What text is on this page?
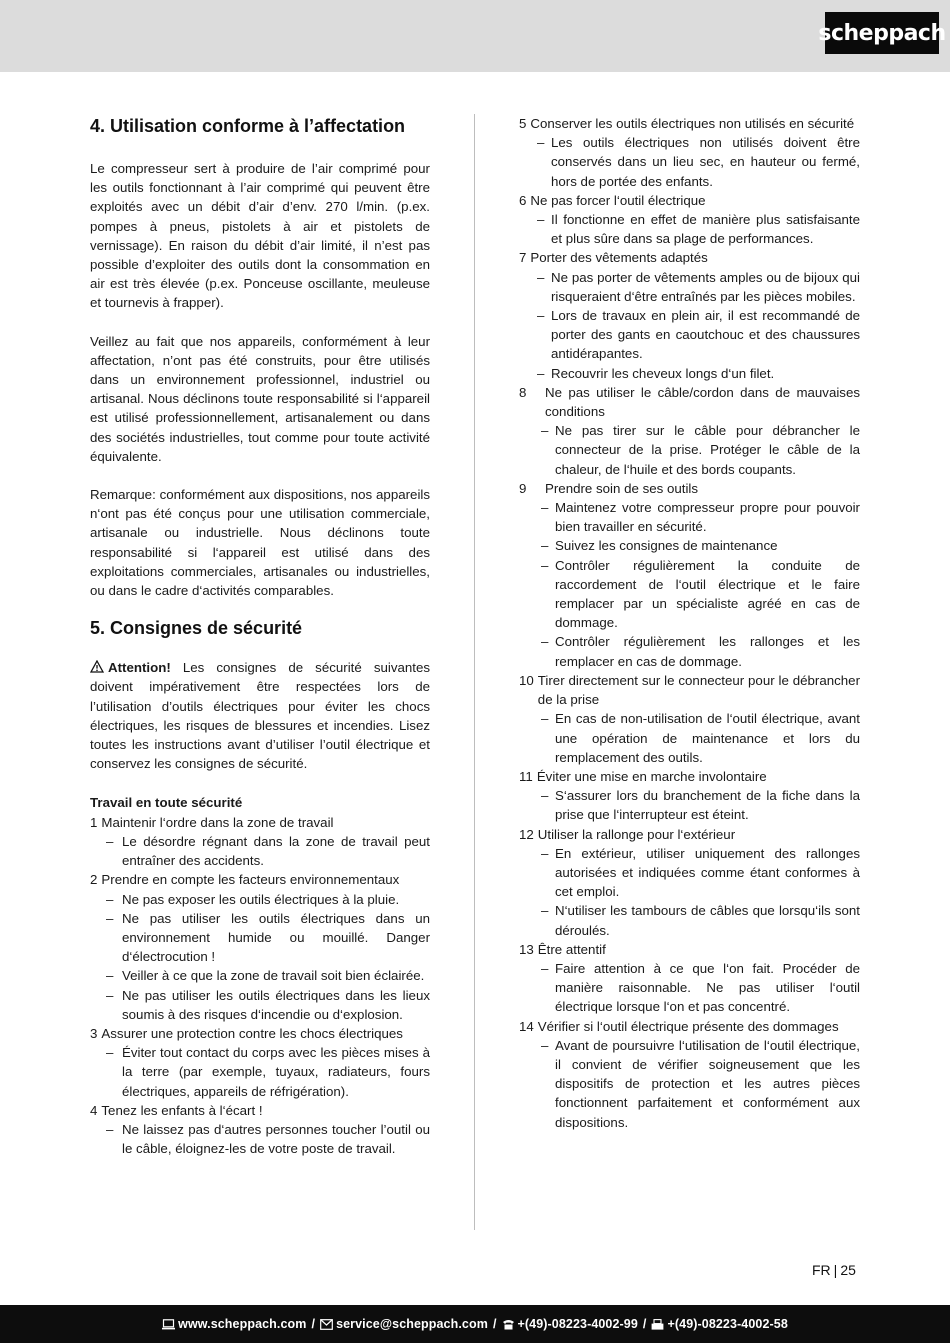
scheppach
4. Utilisation conforme à l’affectation

Le compresseur sert à produire de l’air comprimé pour les outils fonctionnant à l’air comprimé qui peuvent être exploités avec un débit d’air d’env. 270 l/min. (p.ex. pompes à pneus, pistolets à air et pistolets de vernissage). En raison du débit d’air limité, il n’est pas possible d’exploiter des outils dont la consommation en air est très élevée (p.ex. Ponceuse oscillante, meuleuse et tournevis à frapper).

Veillez au fait que nos appareils, conformément à leur affectation, n’ont pas été construits, pour être utilisés dans un environnement professionnel, industriel ou artisanal. Nous déclinons toute responsabilité si l‘appareil est utilisé professionnellement, artisanalement ou dans des sociétés industrielles, tout comme pour toute activité équivalente.

Remarque: conformément aux dispositions, nos appareils n‘ont pas été conçus pour une utilisation commerciale, artisanale ou industrielle. Nous déclinons toute responsabilité si l‘appareil est utilisé dans des exploitations commerciales, artisanales ou industrielles, ou dans le cadre d‘activités comparables.

5. Consignes de sécurité

Attention! Les consignes de sécurité suivantes doivent impérativement être respectées lors de l’utilisation d’outils électriques pour éviter les chocs électriques, les risques de blessures et incendies. Lisez toutes les instructions avant d’utiliser l’outil électrique et conservez les consignes de sécurité.

Travail en toute sécurité
1 Maintenir l‘ordre dans la zone de travail
– Le désordre régnant dans la zone de travail peut entraîner des accidents.
2 Prendre en compte les facteurs environnementaux
– Ne pas exposer les outils électriques à la pluie.
– Ne pas utiliser les outils électriques dans un environnement humide ou mouillé. Danger d‘électrocution !
– Veiller à ce que la zone de travail soit bien éclairée.
– Ne pas utiliser les outils électriques dans les lieux soumis à des risques d‘incendie ou d‘explosion.
3 Assurer une protection contre les chocs électriques
– Éviter tout contact du corps avec les pièces mises à la terre (par exemple, tuyaux, radiateurs, fours électriques, appareils de réfrigération).
4 Tenez les enfants à l‘écart !
– Ne laissez pas d‘autres personnes toucher l’outil ou le câble, éloignez-les de votre poste de travail.
5 Conserver les outils électriques non utilisés en sécurité
– Les outils électriques non utilisés doivent être conservés dans un lieu sec, en hauteur ou fermé, hors de portée des enfants.
6 Ne pas forcer l‘outil électrique
– Il fonctionne en effet de manière plus satisfaisante et plus sûre dans sa plage de performances.
7 Porter des vêtements adaptés
– Ne pas porter de vêtements amples ou de bijoux qui risqueraient d‘être entraînés par les pièces mobiles.
– Lors de travaux en plein air, il est recommandé de porter des gants en caoutchouc et des chaussures antidérapantes.
– Recouvrir les cheveux longs d‘un filet.
8	Ne pas utiliser le câble/cordon dans de mauvaises conditions
– Ne pas tirer sur le câble pour débrancher le connecteur de la prise. Protéger le câble de la chaleur, de l‘huile et des bords coupants.
9	Prendre soin de ses outils
– Maintenez votre compresseur propre pour pouvoir bien travailler en sécurité.
– Suivez les consignes de maintenance
– Contrôler régulièrement la conduite de raccordement de l‘outil électrique et le faire remplacer par un spécialiste agréé en cas de dommage.
– Contrôler régulièrement les rallonges et les remplacer en cas de dommage.
10 Tirer directement sur le connecteur pour le débrancher de la prise
– En cas de non-utilisation de l‘outil électrique, avant une opération de maintenance et lors du remplacement des outils.
11 Éviter une mise en marche involontaire
– S‘assurer lors du branchement de la fiche dans la prise que l‘interrupteur est éteint.
12 Utiliser la rallonge pour l‘extérieur
– En extérieur, utiliser uniquement des rallonges autorisées et indiquées comme étant conformes à cet emploi.
– N‘utiliser les tambours de câbles que lorsqu‘ils sont déroulés.
13 Être attentif
– Faire attention à ce que l‘on fait. Procéder de manière raisonnable. Ne pas utiliser l‘outil électrique lorsque l‘on et pas concentré.
14 Vérifier si l‘outil électrique présente des dommages
– Avant de poursuivre l‘utilisation de l‘outil électrique, il convient de vérifier soigneusement que les dispositifs de protection et les autres pièces fonctionnent parfaitement et conformément aux dispositions.
FR | 25
www.scheppach.com / service@scheppach.com / +(49)-08223-4002-99 / +(49)-08223-4002-58
